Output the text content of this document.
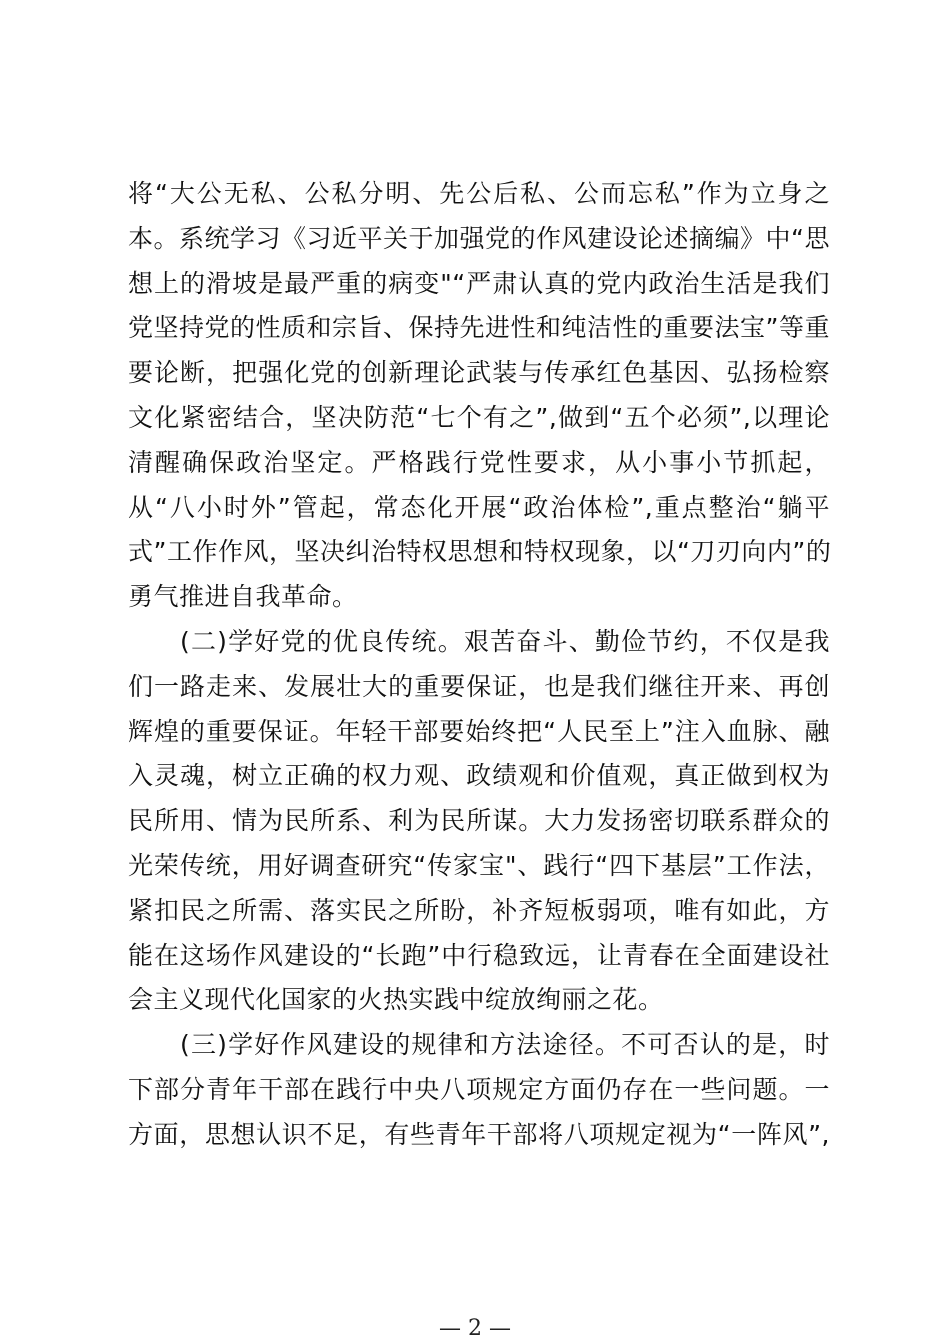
将“大公无私、公私分明、先公后私、公而忘私”作为立身之
本。系统学习《习近平关于加强党的作风建设论述摘编》中“思
想上的滑坡是最严重的病变"“严肃认真的党内政治生活是我们
党坚持党的性质和宗旨、保持先进性和纯洁性的重要法宝”等重
要论断，把强化党的创新理论武装与传承红色基因、弘扬检察
文化紧密结合，坚决防范“七个有之”,做到“五个必须”,以理论
清醒确保政治坚定。严格践行党性要求，从小事小节抓起，
从“八小时外”管起，常态化开展“政治体检”,重点整治“躺平
式”工作作风，坚决纠治特权思想和特权现象，以“刀刃向内”的
勇气推进自我革命。
(二)学好党的优良传统。艰苦奋斗、勤俭节约，不仅是我
们一路走来、发展壮大的重要保证，也是我们继往开来、再创
辉煌的重要保证。年轻干部要始终把“人民至上”注入血脉、融
入灵魂，树立正确的权力观、政绩观和价值观，真正做到权为
民所用、情为民所系、利为民所谋。大力发扬密切联系群众的
光荣传统，用好调查研究“传家宝"、践行“四下基层”工作法，
紧扣民之所需、落实民之所盼，补齐短板弱项，唯有如此，方
能在这场作风建设的“长跑”中行稳致远，让青春在全面建设社
会主义现代化国家的火热实践中绽放绚丽之花。
(三)学好作风建设的规律和方法途径。不可否认的是，时
下部分青年干部在践行中央八项规定方面仍存在一些问题。一
方面，思想认识不足，有些青年干部将八项规定视为“一阵风”,
— 2 —
